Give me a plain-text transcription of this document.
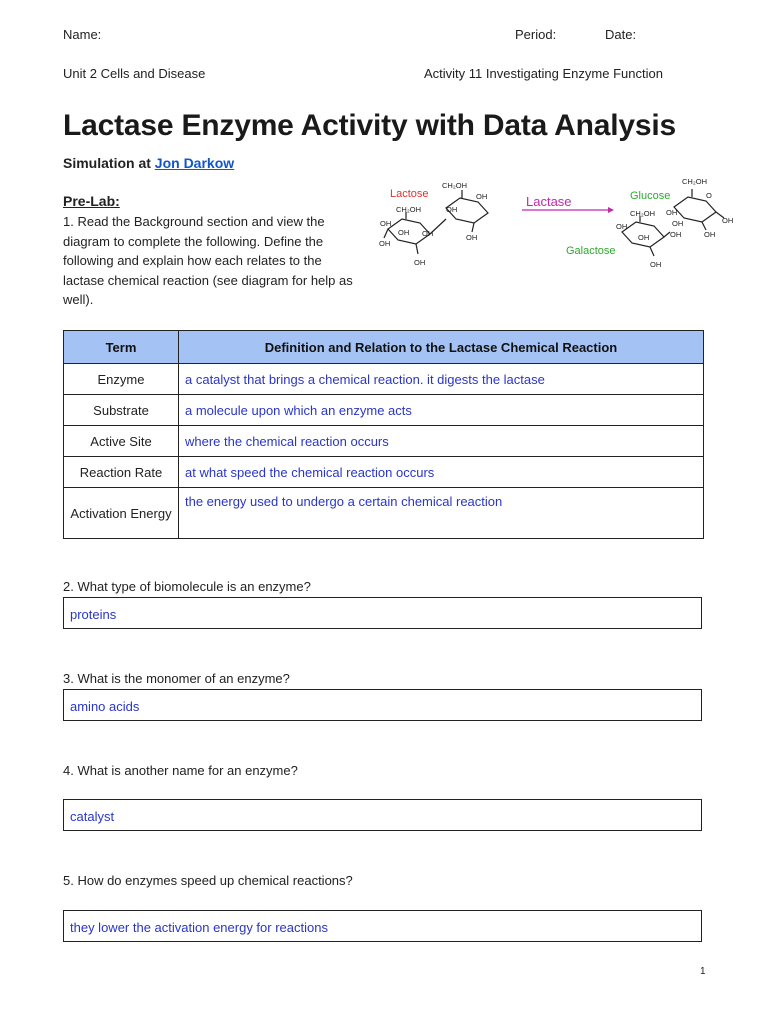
Name:	Period:	Date:
Unit 2 Cells and Disease	Activity 11 Investigating Enzyme Function
Lactase Enzyme Activity with Data Analysis
Simulation at Jon Darkow
Pre-Lab:
1. Read the Background section and view the diagram to complete the following. Define the following and explain how each relates to the lactase chemical reaction (see diagram for help as well).
Lactose
CH₂OH
CH₂OH
OH
OH
OH
OH
OH
OH
OH
OH
Lactase	Glucose
CH₂OH
O
OH
OH	OH
OH
OH
CH₂OH
OH
OH
OH
Galactose
Term	Definition and Relation to the Lactase Chemical Reaction
Enzyme	a catalyst that brings a chemical reaction. it digests the lactase
Substrate	a molecule upon which an enzyme acts
Active Site	where the chemical reaction occurs
Reaction Rate	at what speed the chemical reaction occurs
Activation Energy	the energy used to undergo a certain chemical reaction
2. What type of biomolecule is an enzyme?
proteins
3. What is the monomer of an enzyme?
amino acids
4. What is another name for an enzyme?
catalyst
5. How do enzymes speed up chemical reactions?
they lower the activation energy for reactions
1
